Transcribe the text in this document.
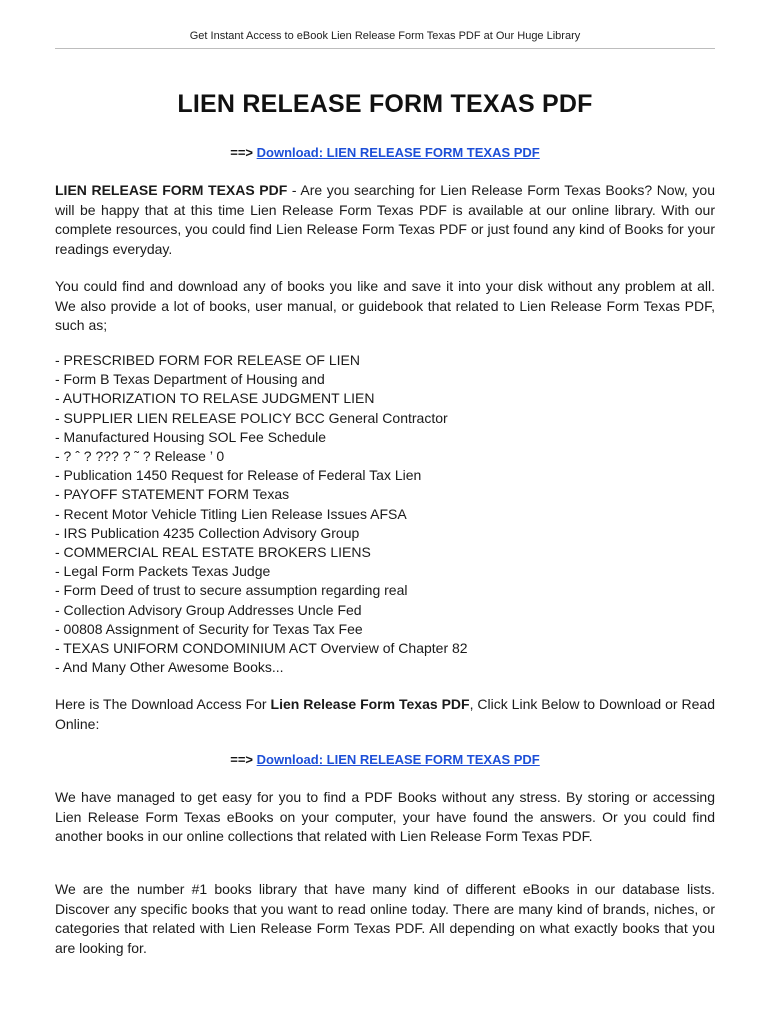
Get Instant Access to eBook Lien Release Form Texas PDF at Our Huge Library
LIEN RELEASE FORM TEXAS PDF
==> Download: LIEN RELEASE FORM TEXAS PDF
LIEN RELEASE FORM TEXAS PDF - Are you searching for Lien Release Form Texas Books? Now, you will be happy that at this time Lien Release Form Texas PDF is available at our online library. With our complete resources, you could find Lien Release Form Texas PDF or just found any kind of Books for your readings everyday.
You could find and download any of books you like and save it into your disk without any problem at all. We also provide a lot of books, user manual, or guidebook that related to Lien Release Form Texas PDF, such as;
- PRESCRIBED FORM FOR RELEASE OF LIEN
- Form B Texas Department of Housing and
- AUTHORIZATION TO RELASE JUDGMENT LIEN
- SUPPLIER LIEN RELEASE POLICY BCC General Contractor
- Manufactured Housing SOL Fee Schedule
- ? ˆ ? ??? ? ˜ ? Release ’ 0
- Publication 1450 Request for Release of Federal Tax Lien
- PAYOFF STATEMENT FORM Texas
- Recent Motor Vehicle Titling Lien Release Issues AFSA
- IRS Publication 4235 Collection Advisory Group
- COMMERCIAL REAL ESTATE BROKERS LIENS
- Legal Form Packets Texas Judge
- Form Deed of trust to secure assumption regarding real
- Collection Advisory Group Addresses Uncle Fed
- 00808 Assignment of Security for Texas Tax Fee
- TEXAS UNIFORM CONDOMINIUM ACT Overview of Chapter 82
- And Many Other Awesome Books...
Here is The Download Access For Lien Release Form Texas PDF, Click Link Below to Download or Read Online:
==> Download: LIEN RELEASE FORM TEXAS PDF
We have managed to get easy for you to find a PDF Books without any stress. By storing or accessing Lien Release Form Texas eBooks on your computer, your have found the answers. Or you could find another books in our online collections that related with Lien Release Form Texas PDF.
We are the number #1 books library that have many kind of different eBooks in our database lists. Discover any specific books that you want to read online today. There are many kind of brands, niches, or categories that related with Lien Release Form Texas PDF. All depending on what exactly books that you are looking for.
